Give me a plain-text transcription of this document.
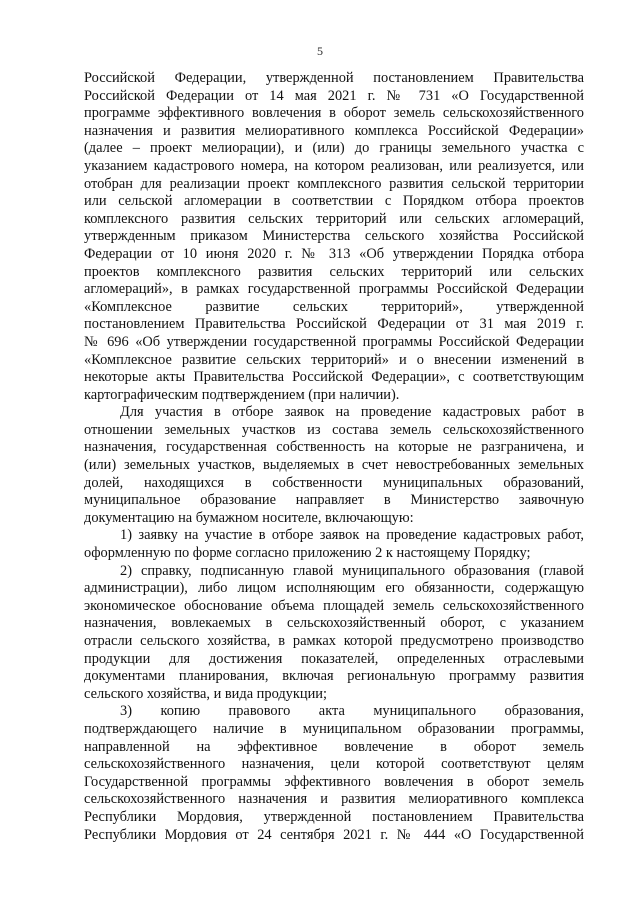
5
Российской Федерации, утвержденной постановлением Правительства
Российской Федерации от 14 мая 2021 г. № 731 «О Государственной
программе эффективного вовлечения в оборот земель сельскохозяйственного
назначения и развития мелиоративного комплекса Российской Федерации»
(далее – проект мелиорации), и (или) до границы земельного участка с
указанием кадастрового номера, на котором реализован, или реализуется, или
отобран для реализации проект комплексного развития сельской территории
или сельской агломерации в соответствии с Порядком отбора проектов
комплексного развития сельских территорий или сельских агломераций,
утвержденным приказом Министерства сельского хозяйства Российской
Федерации от 10 июня 2020 г. № 313 «Об утверждении Порядка отбора
проектов комплексного развития сельских территорий или сельских
агломераций», в рамках государственной программы Российской Федерации
«Комплексное развитие сельских территорий», утвержденной
постановлением Правительства Российской Федерации от 31 мая 2019 г.
№ 696 «Об утверждении государственной программы Российской Федерации
«Комплексное развитие сельских территорий» и о внесении изменений в
некоторые акты Правительства Российской Федерации», с соответствующим
картографическим подтверждением (при наличии).
Для участия в отборе заявок на проведение кадастровых работ в
отношении земельных участков из состава земель сельскохозяйственного
назначения, государственная собственность на которые не разграничена, и
(или) земельных участков, выделяемых в счет невостребованных земельных
долей, находящихся в собственности муниципальных образований,
муниципальное образование направляет в Министерство заявочную
документацию на бумажном носителе, включающую:
1) заявку на участие в отборе заявок на проведение кадастровых работ,
оформленную по форме согласно приложению 2 к настоящему Порядку;
2) справку, подписанную главой муниципального образования (главой
администрации), либо лицом исполняющим его обязанности, содержащую
экономическое обоснование объема площадей земель сельскохозяйственного
назначения, вовлекаемых в сельскохозяйственный оборот, с указанием
отрасли сельского хозяйства, в рамках которой предусмотрено производство
продукции для достижения показателей, определенных отраслевыми
документами планирования, включая региональную программу развития
сельского хозяйства, и вида продукции;
3) копию правового акта муниципального образования,
подтверждающего наличие в муниципальном образовании программы,
направленной на эффективное вовлечение в оборот земель
сельскохозяйственного назначения, цели которой соответствуют целям
Государственной программы эффективного вовлечения в оборот земель
сельскохозяйственного назначения и развития мелиоративного комплекса
Республики Мордовия, утвержденной постановлением Правительства
Республики Мордовия от 24 сентября 2021 г. № 444 «О Государственной
